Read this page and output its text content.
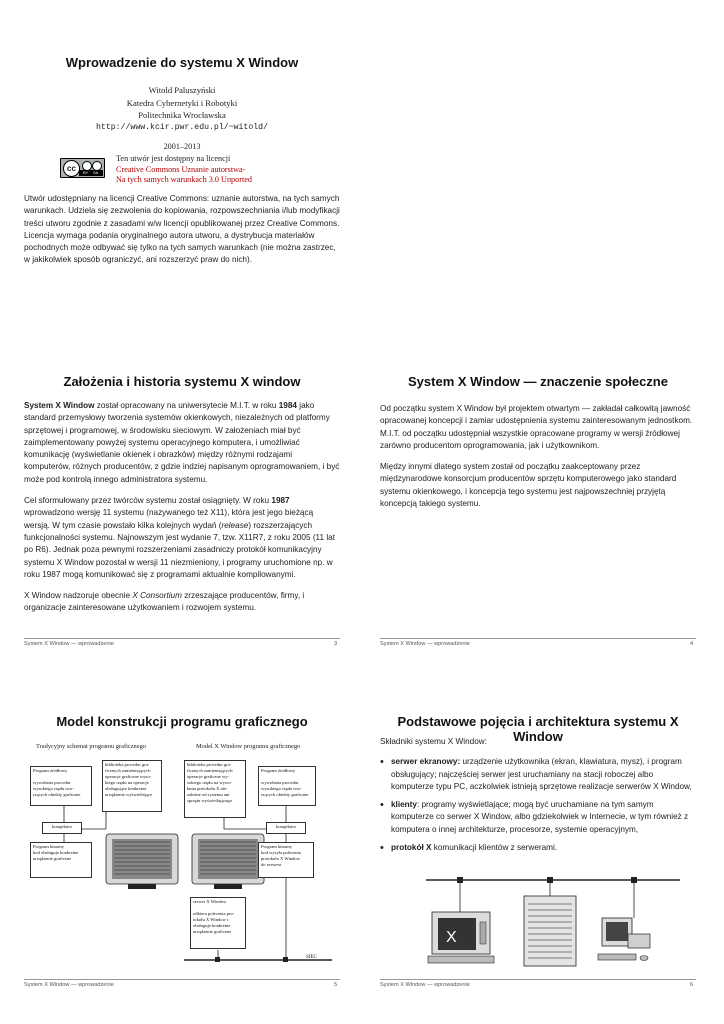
Wprowadzenie do systemu X Window
Witold Paluszyński
Katedra Cybernetyki i Robotyki
Politechnika Wrocławska
http://www.kcir.pwr.edu.pl/~witold/
2001–2013
cc	BY SA
Ten utwór jest dostępny na licencji
Creative Commons Uznanie autorstwa-
Na tych samych warunkach 3.0 Unported

Utwór udostępniany na licencji Creative Commons: uznanie autorstwa, na tych samych warunkach. Udziela się zezwolenia do kopiowania, rozpowszechniania i/lub modyfikacji treści utworu zgodnie z zasadami w/w licencji opublikowanej przez Creative Commons. Licencja wymaga podania oryginalnego autora utworu, a dystrybucja materiałów pochodnych może odbywać się tylko na tych samych warunkach (nie można zastrzec, w jakikolwiek sposób ograniczyć, ani rozszerzyć praw do nich).

Założenia i historia systemu X window

System X Window został opracowany na uniwersytecie M.I.T. w roku 1984 jako standard przemysłowy tworzenia systemów okienkowych, niezależnych od platformy sprzętowej i programowej, w środowisku sieciowym. W założeniach miał być zaimplementowany powyżej systemu operacyjnego komputera, i umożliwiać komunikację (wyświetlanie okienek i obrazków) między różnymi rodzajami komputerów, różnych producentów, z gdzie indziej napisanym oprogramowaniem, i być może pod kontrolą innego administratora systemu.

Cel sformułowany przez twórców systemu został osiągnięty. W roku 1987 wprowadzono wersję 11 systemu (nazywanego też X11), która jest jego bieżącą wersją. W tym czasie powstało kilka kolejnych wydań (release) rozszerzających funkcjonalności systemu. Najnowszym jest wydanie 7, tzw. X11R7, z roku 2005 (11 lat po R6). Jednak poza pewnymi rozszerzeniami zasadniczy protokół komunikacyjny systemu X Window pozostał w wersji 11 niezmieniony, i programy uruchomione np. w roku 1987 mogą komunikować się z programami aktualnie kompilowanymi.

X Window nadzoruje obecnie X Consortium zrzeszające producentów, firmy, i organizacje zainteresowane użytkowaniem i rozwojem systemu.

System X Window — wprowadzenie	3
System X Window — znaczenie społeczne

Od początku system X Window był projektem otwartym — zakładał całkowitą jawność opracowanej koncepcji i zamiar udostępnienia systemu zainteresowanym jednostkom. M.I.T. od początku udostępniał wszystkie opracowane programy w wersji źródłowej zarówno producentom oprogramowania, jak i użytkownikom.

Między innymi dlatego system został od początku zaakceptowany przez międzynarodowe konsorcjum producentów sprzętu komputerowego jako standard systemu okienkowego, i koncepcja tego systemu jest najpowszechniej przyjętą koncepcją takiego systemu.

System X Window — wprowadzenie	4
Model konstrukcji programu graficznego
Tradycyjny schemat programu graficznego	Model X Window programu graficznego
SIEC
Program źródłowy

wywołania procedur
wysokiego rzędu two-
rzących obiekty graficzne
biblioteka procedur gra-
ficznych zamieniających
operacje graficzne wyso-
kiego rzędu na operacje
obsługujące konkretne
urządzenie wyświetlające
kompilator
Program binarny
kod obsługuje konkretne
urządzenie graficzne
biblioteka procedur gra-
ficznych zamieniających
operacje graficzne wy-
sokiego rzędu na wywo-
łania protokołu X nie-
zależne od systemu ani
sprzętu wyświetlającego
Program źródłowy

wywołania procedur
wysokiego rzędu two-
rzących obiekty graficzne
kompilator
Program binarny
kod wysyła polecenia
protokołu X Window
do serwera
serwer X Window

odbiera polecenia pro-
tokołu X Window i
obsługuje konkretne
urządzenie graficzne
System X Window — wprowadzenie	5
Podstawowe pojęcia i architektura systemu X Window

Składniki systemu X Window:

• serwer ekranowy: urządzenie użytkownika (ekran, klawiatura, mysz), i program obsługujący; najczęściej serwer jest uruchamiany na stacji roboczej albo komputerze typu PC, aczkolwiek istnieją sprzętowe realizacje serwerów X Window,
• klienty: programy wyświetlające; mogą być uruchamiane na tym samym komputerze co serwer X Window, albo gdziekolwiek w Internecie, w tym również z komputera o innej architekturze, procesorze, systemie operacyjnym,
• protokół X komunikacji klientów z serwerami.
X
System X Window — wprowadzenie	6
